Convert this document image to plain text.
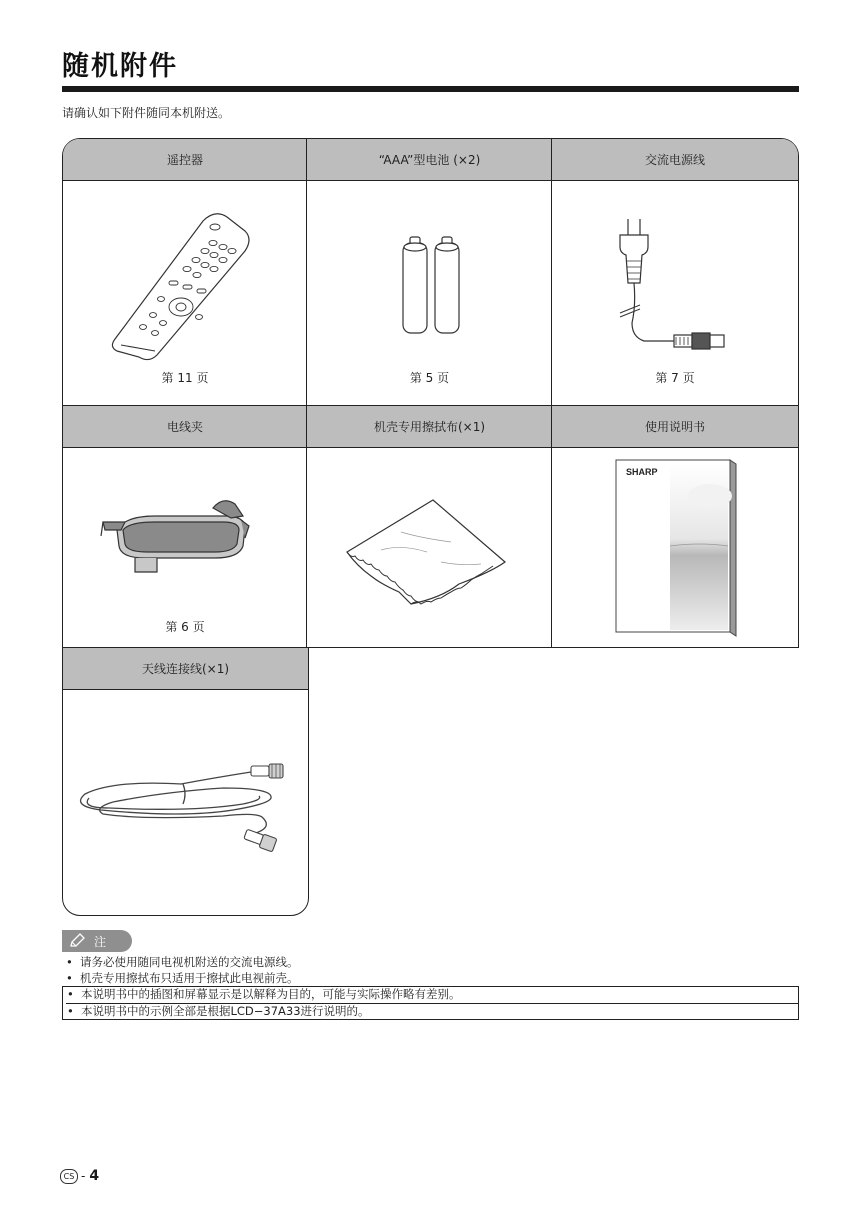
随机附件
请确认如下附件随同本机附送。
遥控器
第 11 页
“AAA”型电池 (×2)
第 5 页
交流电源线
第 7 页
电线夹
第 6 页
机壳专用擦拭布(×1)	使用说明书
SHARP
天线连接线(×1)
注
• 请务必使用随同电视机附送的交流电源线。
• 机壳专用擦拭布只适用于擦拭此电视前壳。
• 本说明书中的插图和屏幕显示是以解释为目的，可能与实际操作略有差别。
• 本说明书中的示例全部是根据LCD−37A33进行说明的。
CS - 4
